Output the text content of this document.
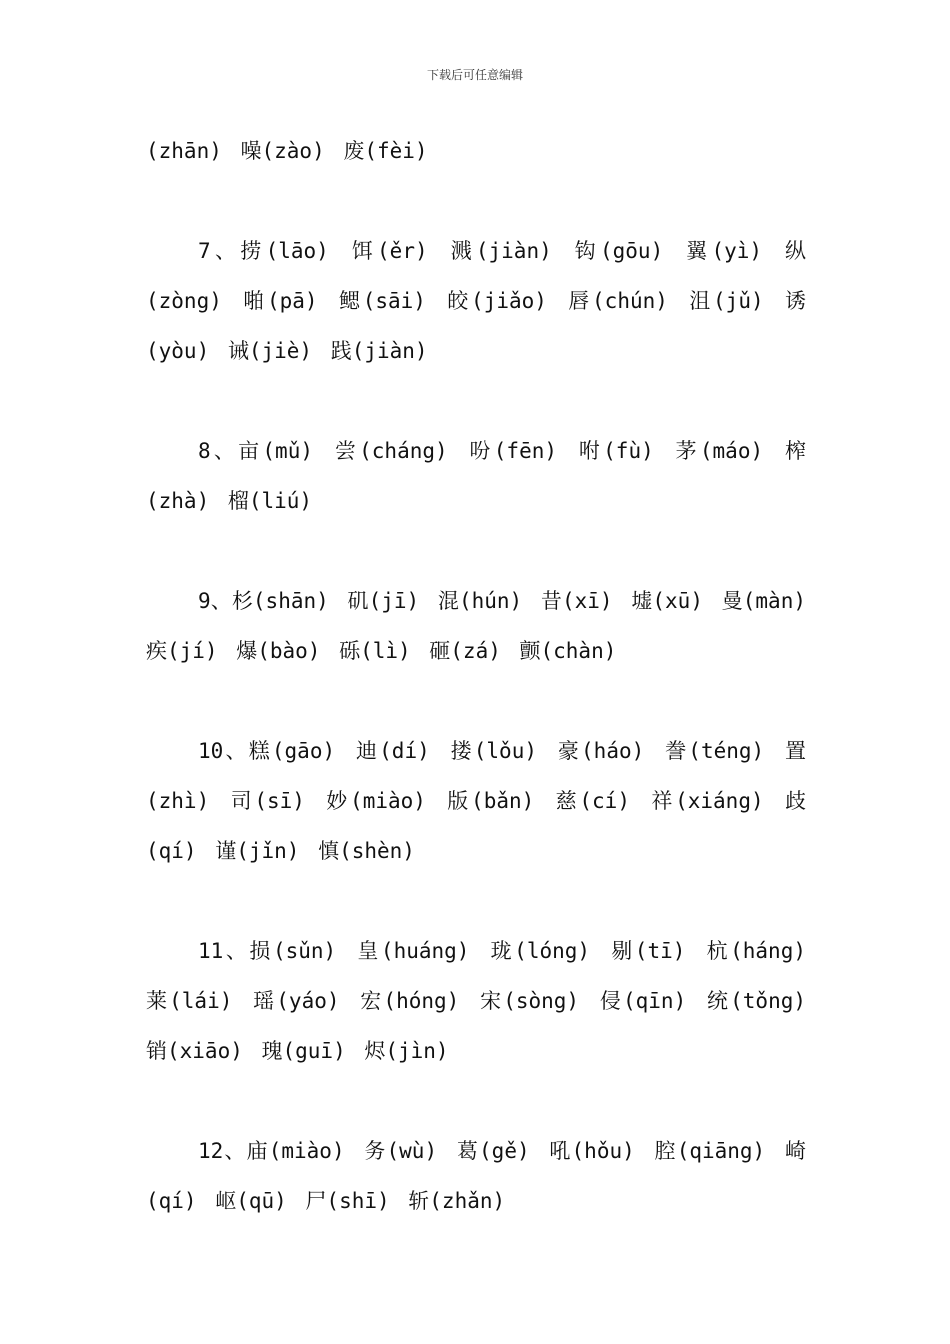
下载后可任意编辑

(zhān) 噪(zào) 废(fèi)

7、捞(lāo) 饵(ěr) 溅(jiàn) 钩(gōu) 翼(yì) 纵(zòng) 啪(pā) 鳃(sāi) 皎(jiǎo) 唇(chún) 沮(jǔ) 诱(yòu) 诫(jiè) 践(jiàn)

8、亩(mǔ) 尝(cháng) 吩(fēn) 咐(fù) 茅(máo) 榨(zhà) 榴(liú)

9、杉(shān) 矶(jī) 混(hún) 昔(xī) 墟(xū) 曼(màn) 疾(jí) 爆(bào) 砾(lì) 砸(zá) 颤(chàn)

10、糕(gāo) 迪(dí) 搂(lǒu) 豪(háo) 誊(téng) 置(zhì) 司(sī) 妙(miào) 版(bǎn) 慈(cí) 祥(xiáng) 歧(qí) 谨(jǐn) 慎(shèn)

11、损(sǔn) 皇(huáng) 珑(lóng) 剔(tī) 杭(háng) 莱(lái) 瑶(yáo) 宏(hóng) 宋(sòng) 侵(qīn) 统(tǒng) 销(xiāo) 瑰(guī) 烬(jìn)

12、庙(miào) 务(wù) 葛(gě) 吼(hǒu) 腔(qiāng) 崎(qí) 岖(qū) 尸(shī) 斩(zhǎn)
